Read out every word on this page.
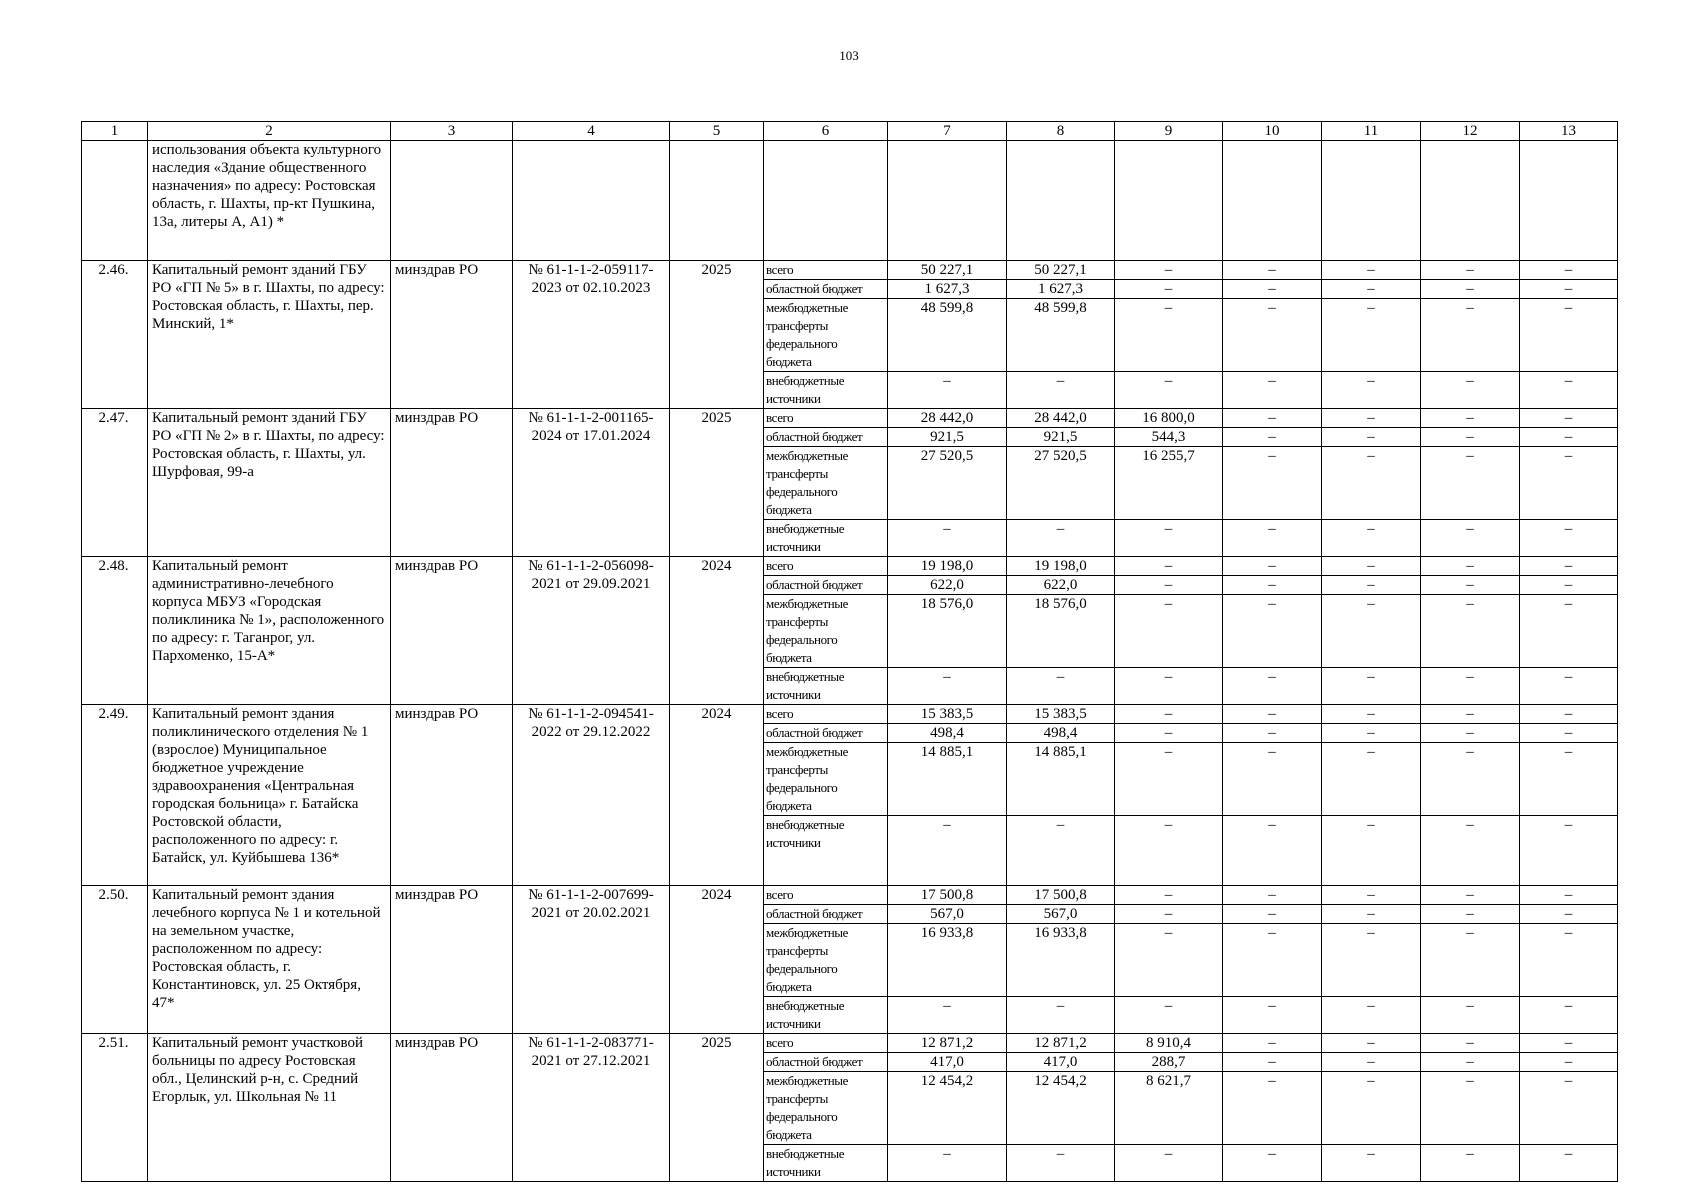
103
1	2	3	4	5	6	7	8	9	10	11	12	13
	использования объекта культурного наследия «Здание общественного назначения» по адресу: Ростовская область, г. Шахты, пр-кт Пушкина, 13а, литеры А, А1) *											
2.46.	Капитальный ремонт зданий ГБУ РО «ГП № 5» в г. Шахты, по адресу: Ростовская область, г. Шахты, пер. Минский, 1*	минздрав РО	№ 61-1-1-2-059117-2023 от 02.10.2023	2025	всего	50 227,1	50 227,1	–	–	–	–	–
					областной бюджет	1 627,3	1 627,3	–	–	–	–	–
					межбюджетные трансферты федерального бюджета	48 599,8	48 599,8	–	–	–	–	–
					внебюджетные источники	–	–	–	–	–	–	–
2.47.	Капитальный ремонт зданий ГБУ РО «ГП № 2» в г. Шахты, по адресу: Ростовская область, г. Шахты, ул. Шурфовая, 99-а	минздрав РО	№ 61-1-1-2-001165-2024 от 17.01.2024	2025	всего	28 442,0	28 442,0	16 800,0	–	–	–	–
					областной бюджет	921,5	921,5	544,3	–	–	–	–
					межбюджетные трансферты федерального бюджета	27 520,5	27 520,5	16 255,7	–	–	–	–
					внебюджетные источники	–	–	–	–	–	–	–
2.48.	Капитальный ремонт административно-лечебного корпуса МБУЗ «Городская поликлиника № 1», расположенного по адресу: г. Таганрог, ул. Пархоменко, 15-А*	минздрав РО	№ 61-1-1-2-056098-2021 от 29.09.2021	2024	всего	19 198,0	19 198,0	–	–	–	–	–
					областной бюджет	622,0	622,0	–	–	–	–	–
					межбюджетные трансферты федерального бюджета	18 576,0	18 576,0	–	–	–	–	–
					внебюджетные источники	–	–	–	–	–	–	–
2.49.	Капитальный ремонт здания поликлинического отделения № 1 (взрослое) Муниципальное бюджетное учреждение здравоохранения «Центральная городская больница» г. Батайска Ростовской области, расположенного по адресу: г. Батайск, ул. Куйбышева 136*	минздрав РО	№ 61-1-1-2-094541-2022 от 29.12.2022	2024	всего	15 383,5	15 383,5	–	–	–	–	–
					областной бюджет	498,4	498,4	–	–	–	–	–
					межбюджетные трансферты федерального бюджета	14 885,1	14 885,1	–	–	–	–	–
					внебюджетные источники	–	–	–	–	–	–	–
2.50.	Капитальный ремонт здания лечебного корпуса № 1 и котельной на земельном участке, расположенном по адресу: Ростовская область, г. Константиновск, ул. 25 Октября, 47*	минздрав РО	№ 61-1-1-2-007699-2021 от 20.02.2021	2024	всего	17 500,8	17 500,8	–	–	–	–	–
					областной бюджет	567,0	567,0	–	–	–	–	–
					межбюджетные трансферты федерального бюджета	16 933,8	16 933,8	–	–	–	–	–
					внебюджетные источники	–	–	–	–	–	–	–
2.51.	Капитальный ремонт участковой больницы по адресу Ростовская обл., Целинский р-н, с. Средний Егорлык, ул. Школьная № 11	минздрав РО	№ 61-1-1-2-083771-2021 от 27.12.2021	2025	всего	12 871,2	12 871,2	8 910,4	–	–	–	–
					областной бюджет	417,0	417,0	288,7	–	–	–	–
					межбюджетные трансферты федерального бюджета	12 454,2	12 454,2	8 621,7	–	–	–	–
					внебюджетные источники	–	–	–	–	–	–	–
